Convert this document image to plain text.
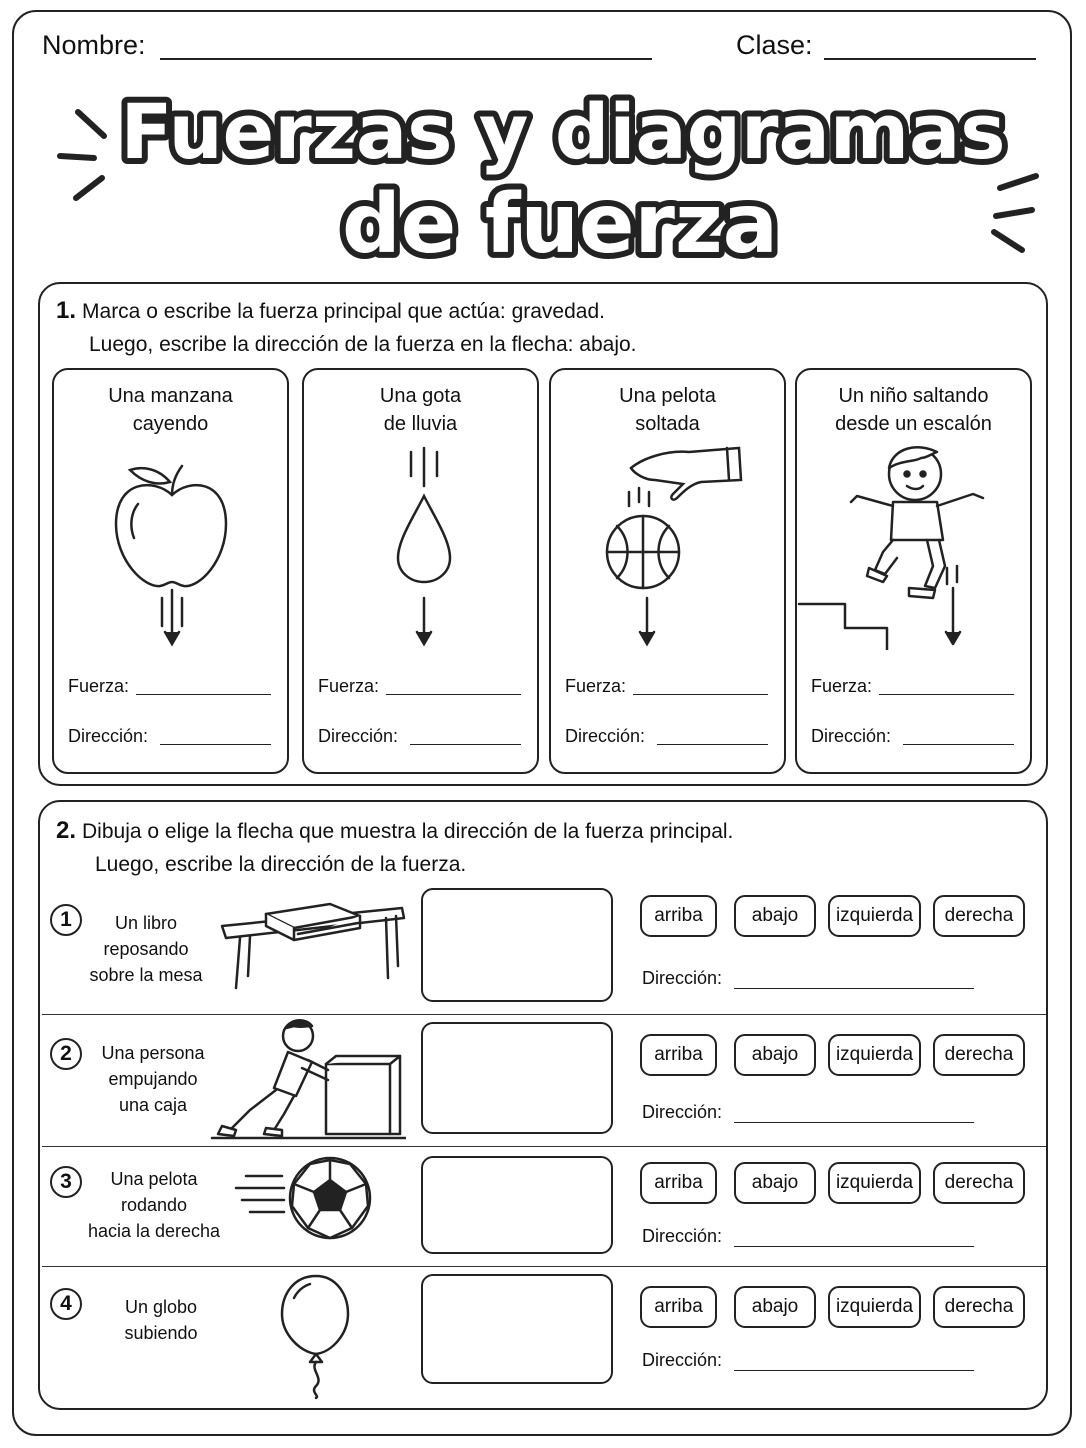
Nombre:	Clase:
Fuerzas y diagramas
de fuerza
1. Marca o escribe la fuerza principal que actúa: gravedad.
Luego, escribe la dirección de la fuerza en la flecha: abajo.
Una manzana
cayendo
Fuerza:
Dirección:
Una gota
de lluvia
Fuerza:
Dirección:
Una pelota
soltada
Fuerza:
Dirección:
Un niño saltando
desde un escalón
Fuerza:
Dirección:
2. Dibuja o elige la flecha que muestra la dirección de la fuerza principal.
Luego, escribe la dirección de la fuerza.
1	Un libro
reposando
sobre la mesa
arriba	abajo	izquierda	derecha
Dirección:
2	Una persona
empujando
una caja
arriba	abajo	izquierda	derecha
Dirección:
3	Una pelota
rodando
hacia la derecha
arriba	abajo	izquierda	derecha
Dirección:
4	Un globo
subiendo
arriba	abajo	izquierda	derecha
Dirección:
